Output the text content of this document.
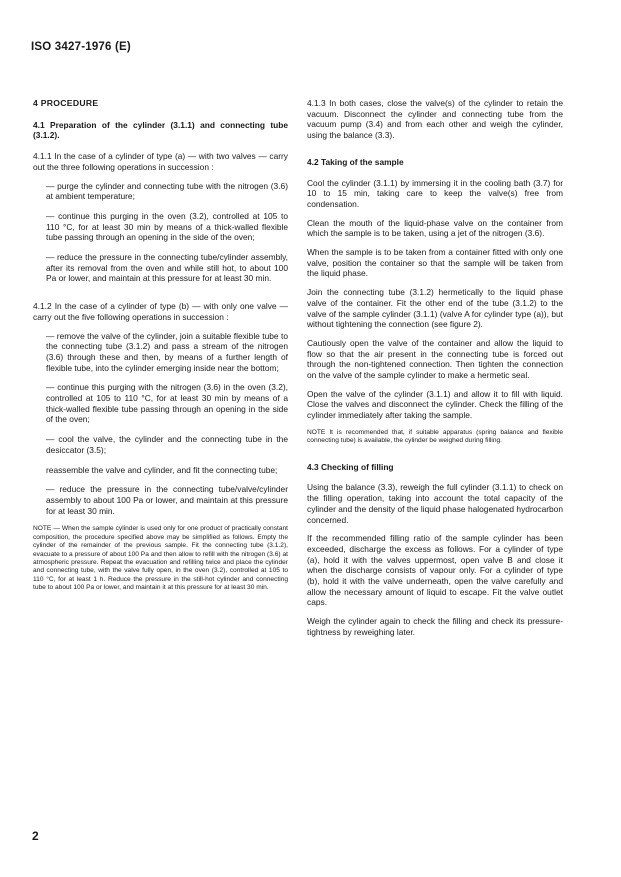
ISO 3427-1976 (E)
4 PROCEDURE

4.1 Preparation of the cylinder (3.1.1) and connecting tube (3.1.2).

4.1.1 In the case of a cylinder of type (a) — with two valves — carry out the three following operations in succession :

— purge the cylinder and connecting tube with the nitrogen (3.6) at ambient temperature;

— continue this purging in the oven (3.2), controlled at 105 to 110 °C, for at least 30 min by means of a thick-walled flexible tube passing through an opening in the side of the oven;

— reduce the pressure in the connecting tube/cylinder assembly, after its removal from the oven and while still hot, to about 100 Pa or lower, and maintain at this pressure for at least 30 min.

4.1.2 In the case of a cylinder of type (b) — with only one valve — carry out the five following operations in succession :

— remove the valve of the cylinder, join a suitable flexible tube to the connecting tube (3.1.2) and pass a stream of the nitrogen (3.6) through these and then, by means of a further length of flexible tube, into the cylinder emerging inside near the bottom;

— continue this purging with the nitrogen (3.6) in the oven (3.2), controlled at 105 to 110 °C, for at least 30 min by means of a thick-walled flexible tube passing through an opening in the side of the oven;

— cool the valve, the cylinder and the connecting tube in the desiccator (3.5);

reassemble the valve and cylinder, and fit the connecting tube;

— reduce the pressure in the connecting tube/valve/cylinder assembly to about 100 Pa or lower, and maintain at this pressure for at least 30 min.

NOTE — When the sample cylinder is used only for one product of practically constant composition, the procedure specified above may be simplified as follows. Empty the cylinder of the remainder of the previous sample. Fit the connecting tube (3.1.2), evacuate to a pressure of about 100 Pa and then allow to refill with the nitrogen (3.6) at atmospheric pressure. Repeat the evacuation and refilling twice and place the cylinder and connecting tube, with the valve fully open, in the oven (3.2), controlled at 105 to 110 °C, for at least 1 h. Reduce the pressure in the still-hot cylinder and connecting tube to about 100 Pa or lower, and maintain it at this pressure for at least 30 min.

4.1.3 In both cases, close the valve(s) of the cylinder to retain the vacuum. Disconnect the cylinder and connecting tube from the vacuum pump (3.4) and from each other and weigh the cylinder, using the balance (3.3).

4.2 Taking of the sample

Cool the cylinder (3.1.1) by immersing it in the cooling bath (3.7) for 10 to 15 min, taking care to keep the valve(s) free from condensation.

Clean the mouth of the liquid-phase valve on the container from which the sample is to be taken, using a jet of the nitrogen (3.6).

When the sample is to be taken from a container fitted with only one valve, position the container so that the sample will be taken from the liquid phase.

Join the connecting tube (3.1.2) hermetically to the liquid phase valve of the container. Fit the other end of the tube (3.1.2) to the valve of the sample cylinder (3.1.1) (valve A for cylinder type (a)), but without tightening the connection (see figure 2).

Cautiously open the valve of the container and allow the liquid to flow so that the air present in the connecting tube is forced out through the non-tightened connection. Then tighten the connection on the valve of the sample cylinder to make a hermetic seal.

Open the valve of the cylinder (3.1.1) and allow it to fill with liquid. Close the valves and disconnect the cylinder. Check the filling of the cylinder immediately after taking the sample.

NOTE It is recommended that, if suitable apparatus (spring balance and flexible connecting tube) is available, the cylinder be weighed during filling.

4.3 Checking of filling

Using the balance (3.3), reweigh the full cylinder (3.1.1) to check on the filling operation, taking into account the total capacity of the cylinder and the density of the liquid phase halogenated hydrocarbon concerned.

If the recommended filling ratio of the sample cylinder has been exceeded, discharge the excess as follows. For a cylinder of type (a), hold it with the valves uppermost, open valve B and close it when the discharge consists of vapour only. For a cylinder of type (b), hold it with the valve underneath, open the valve carefully and allow the necessary amount of liquid to escape. Fit the valve outlet caps.

Weigh the cylinder again to check the filling and check its pressure-tightness by reweighing later.

2
